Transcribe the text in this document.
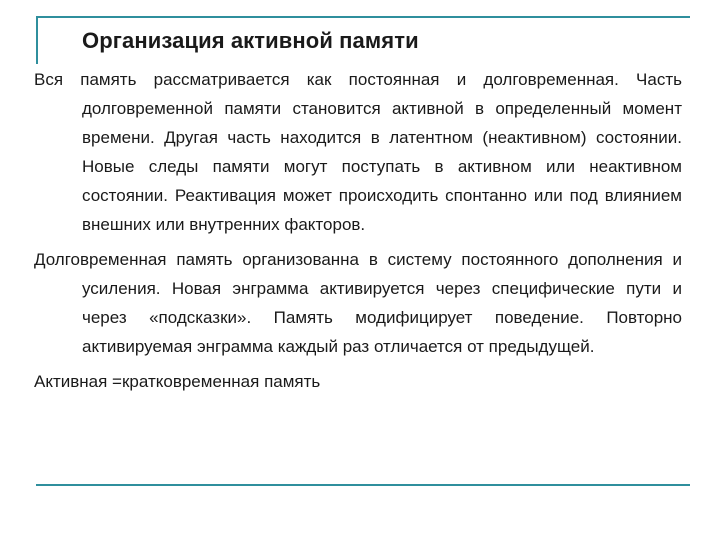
Организация активной памяти

Вся память рассматривается как постоянная и долговременная. Часть долговременной памяти становится активной в определенный момент времени. Другая часть находится в латентном (неактивном) состоянии. Новые следы памяти могут поступать в активном или неактивном состоянии. Реактивация может происходить спонтанно или под влиянием внешних или внутренних факторов.

Долговременная память организованна в систему постоянного дополнения и усиления. Новая энграмма активируется через специфические пути и через «подсказки». Память модифицирует поведение. Повторно активируемая энграмма каждый раз отличается от предыдущей.

Активная =кратковременная память
